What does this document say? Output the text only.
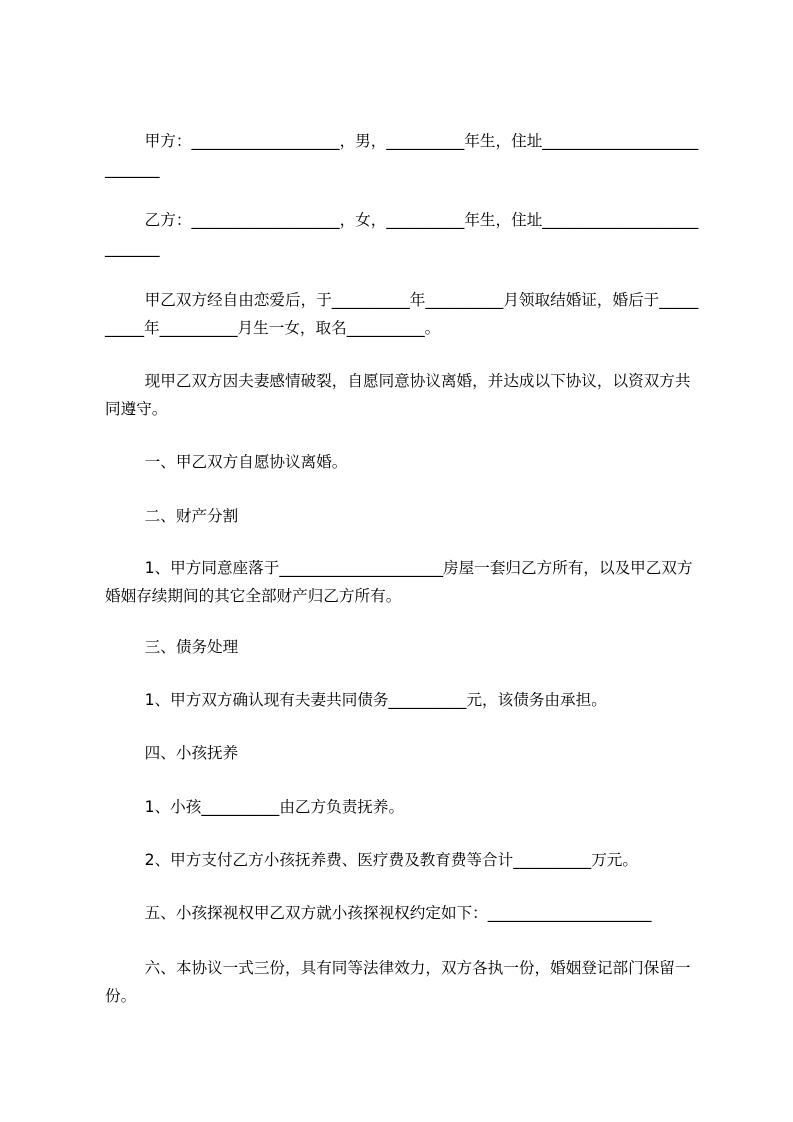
甲方：___________________，男，__________年生，住址___________________________

乙方：___________________，女，__________年生，住址___________________________

甲乙双方经自由恋爱后，于__________年__________月领取结婚证，婚后于__________年__________月生一女，取名__________。

现甲乙双方因夫妻感情破裂，自愿同意协议离婚，并达成以下协议，以资双方共同遵守。

一、甲乙双方自愿协议离婚。

二、财产分割

1、甲方同意座落于_____________________房屋一套归乙方所有，以及甲乙双方婚姻存续期间的其它全部财产归乙方所有。

三、债务处理

1、甲方双方确认现有夫妻共同债务__________元，该债务由承担。

四、小孩抚养

1、小孩__________由乙方负责抚养。

2、甲方支付乙方小孩抚养费、医疗费及教育费等合计__________万元。

五、小孩探视权甲乙双方就小孩探视权约定如下：_____________________

六、本协议一式三份，具有同等法律效力，双方各执一份，婚姻登记部门保留一份。
